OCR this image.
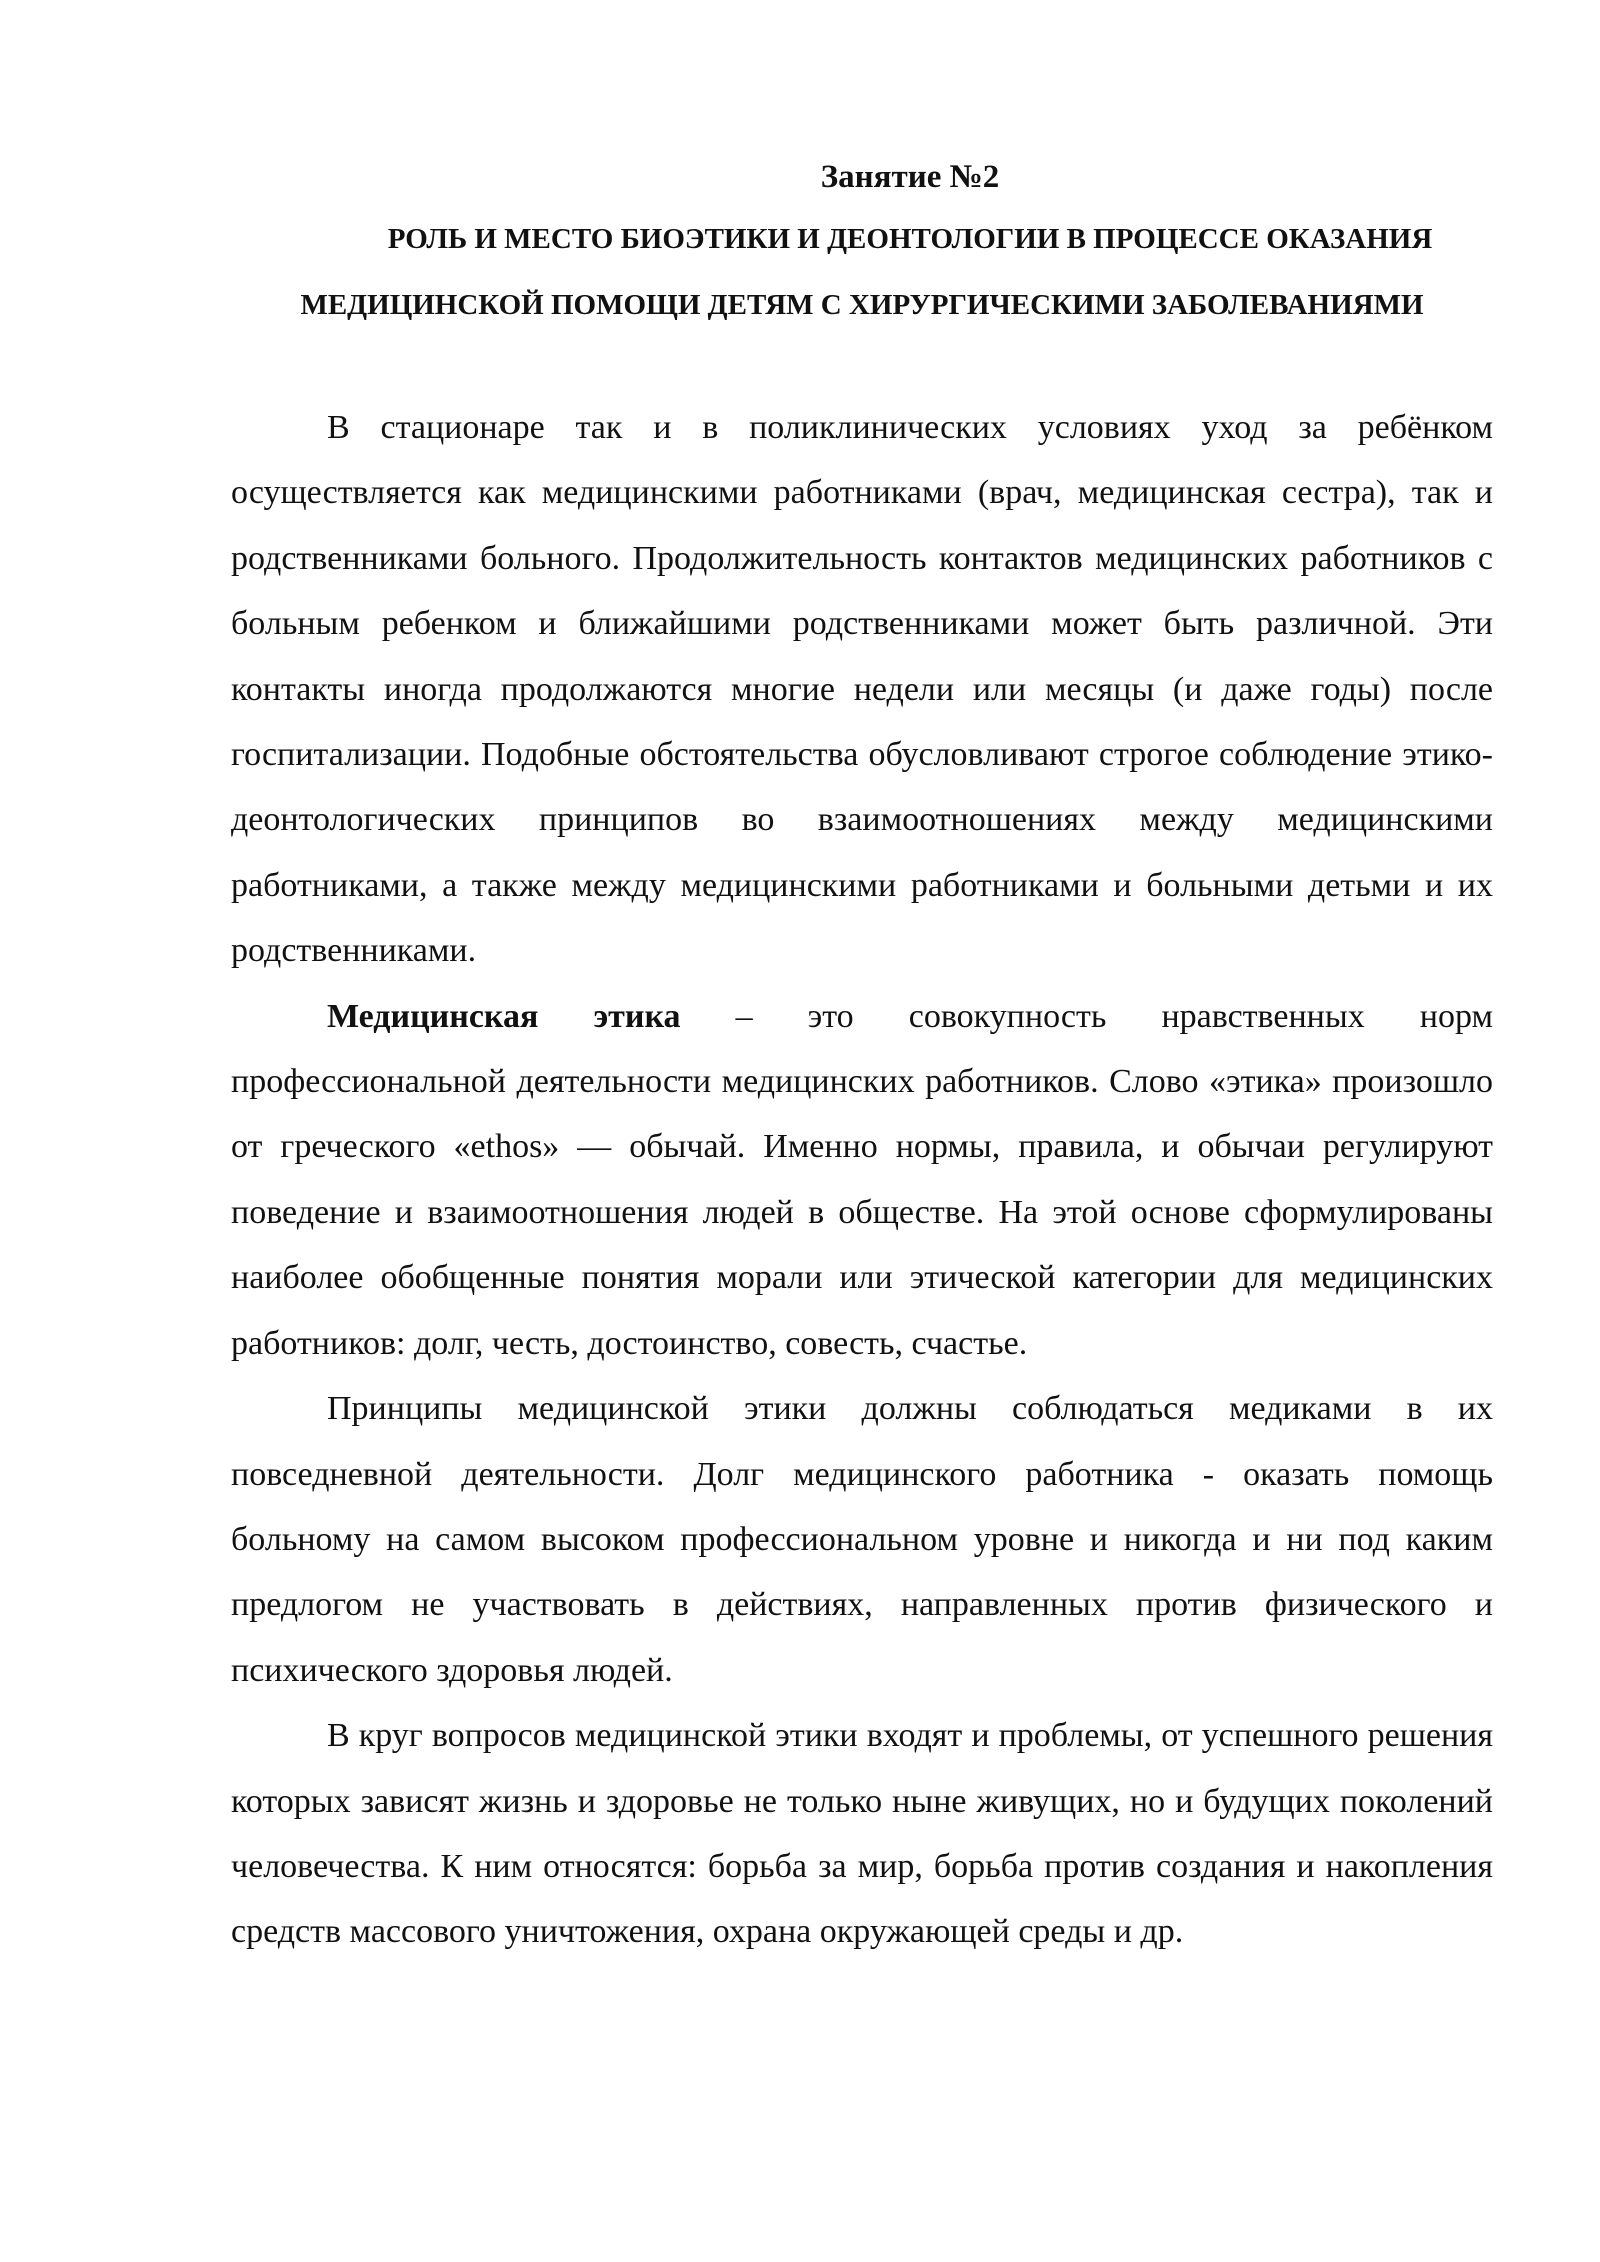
Занятие №2
РОЛЬ И МЕСТО БИОЭТИКИ И ДЕОНТОЛОГИИ В ПРОЦЕССЕ ОКАЗАНИЯ
МЕДИЦИНСКОЙ ПОМОЩИ ДЕТЯМ С ХИРУРГИЧЕСКИМИ ЗАБОЛЕВАНИЯМИ

В стационаре так и в поликлинических условиях уход за ребёнком осуществляется как медицинскими работниками (врач, медицинская сестра), так и родственниками больного. Продолжительность контактов медицинских работников с больным ребенком и ближайшими родственниками может быть различной. Эти контакты иногда продолжаются многие недели или месяцы (и даже годы) после госпитализации. Подобные обстоятельства обусловливают строгое соблюдение этико-деонтологических принципов во взаимоотношениях между медицинскими работниками, а также между медицинскими работниками и больными детьми и их родственниками.

Медицинская этика – это совокупность нравственных норм профессиональной деятельности медицинских работников. Слово «этика» произошло от греческого «ethos» — обычай. Именно нормы, правила, и обычаи регулируют поведение и взаимоотношения людей в обществе. На этой основе сформулированы наиболее обобщенные понятия морали или этической категории для медицинских работников: долг, честь, достоинство, совесть, счастье.

Принципы медицинской этики должны соблюдаться медиками в их повседневной деятельности. Долг медицинского работника - оказать помощь больному на самом высоком профессиональном уровне и никогда и ни под каким предлогом не участвовать в действиях, направленных против физического и психического здоровья людей.

В круг вопросов медицинской этики входят и проблемы, от успешного решения которых зависят жизнь и здоровье не только ныне живущих, но и будущих поколений человечества. К ним относятся: борьба за мир, борьба против создания и накопления средств массового уничтожения, охрана окружающей среды и др.
